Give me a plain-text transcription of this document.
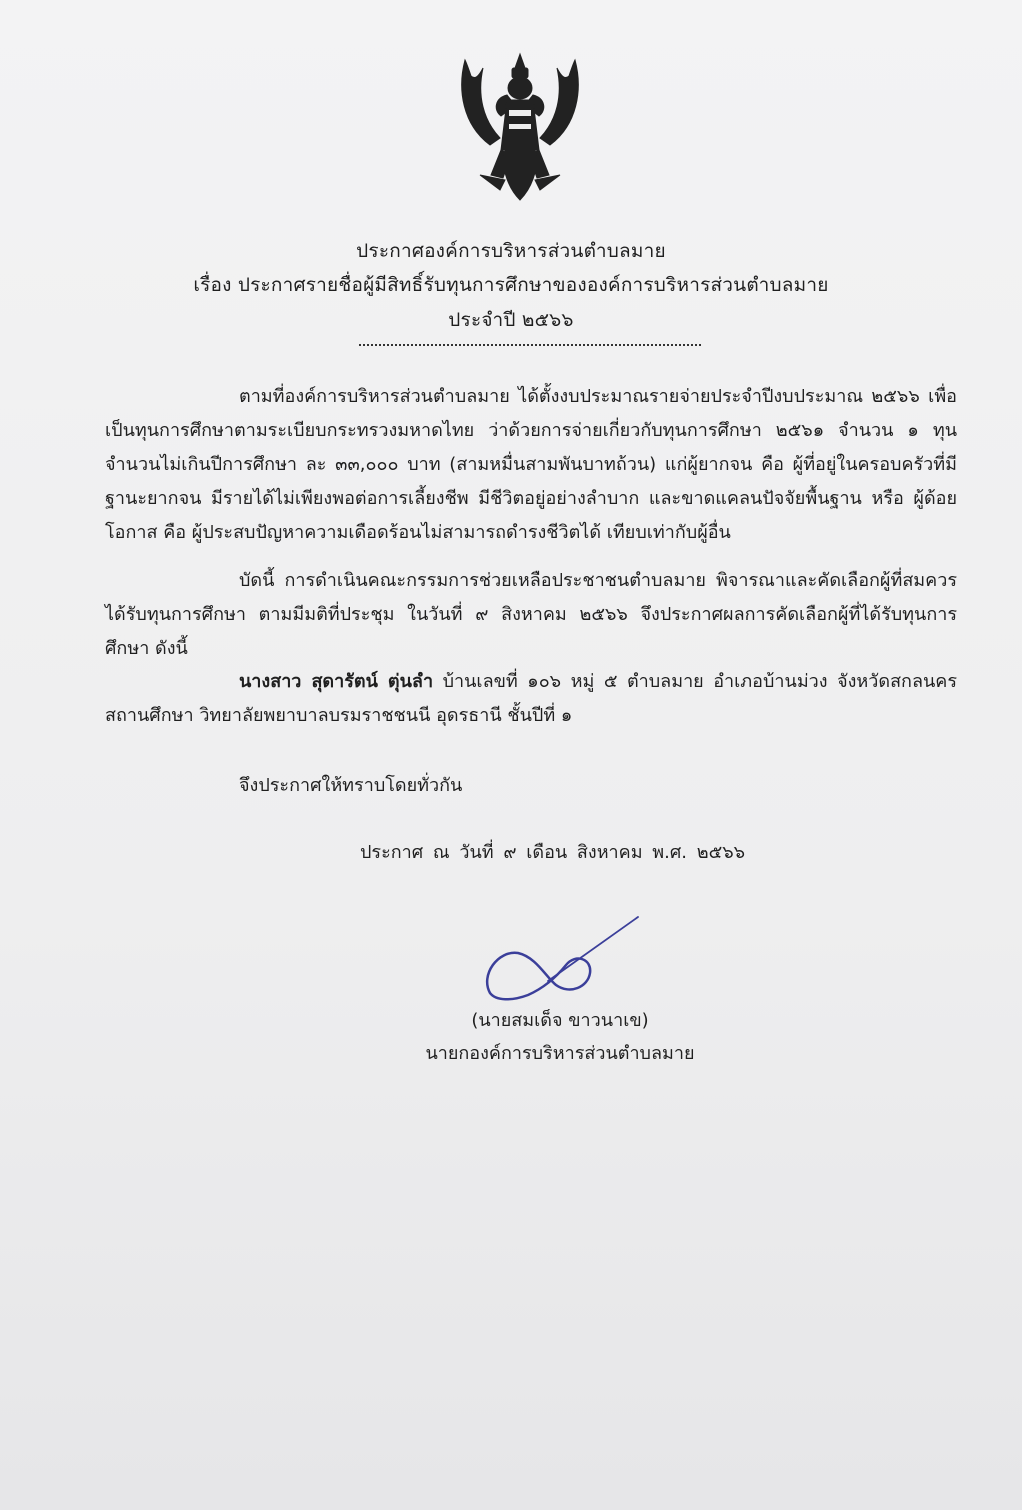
ประกาศองค์การบริหารส่วนตำบลมาย
เรื่อง ประกาศรายชื่อผู้มีสิทธิ์รับทุนการศึกษาขององค์การบริหารส่วนตำบลมาย
ประจำปี ๒๕๖๖

ตามที่องค์การบริหารส่วนตำบลมาย ได้ตั้งงบประมาณรายจ่ายประจำปีงบประมาณ ๒๕๖๖ เพื่อเป็นทุนการศึกษาตามระเบียบกระทรวงมหาดไทย ว่าด้วยการจ่ายเกี่ยวกับทุนการศึกษา ๒๕๖๑ จำนวน ๑ ทุน จำนวนไม่เกินปีการศึกษา ละ ๓๓,๐๐๐ บาท (สามหมื่นสามพันบาทถ้วน) แก่ผู้ยากจน คือ ผู้ที่อยู่ในครอบครัวที่มีฐานะยากจน มีรายได้ไม่เพียงพอต่อการเลี้ยงชีพ มีชีวิตอยู่อย่างลำบาก และขาดแคลนปัจจัยพื้นฐาน หรือ ผู้ด้อยโอกาส คือ ผู้ประสบปัญหาความเดือดร้อนไม่สามารถดำรงชีวิตได้ เทียบเท่ากับผู้อื่น

บัดนี้ การดำเนินคณะกรรมการช่วยเหลือประชาชนตำบลมาย พิจารณาและคัดเลือกผู้ที่สมควรได้รับทุนการศึกษา ตามมีมติที่ประชุม ในวันที่ ๙ สิงหาคม ๒๕๖๖ จึงประกาศผลการคัดเลือกผู้ที่ได้รับทุนการศึกษา ดังนี้

นางสาว สุดารัตน์ ตุ่นลำ บ้านเลขที่ ๑๐๖ หมู่ ๕ ตำบลมาย อำเภอบ้านม่วง จังหวัดสกลนคร สถานศึกษา วิทยาลัยพยาบาลบรมราชชนนี อุดรธานี ชั้นปีที่ ๑

จึงประกาศให้ทราบโดยทั่วกัน
ประกาศ ณ วันที่ ๙ เดือน สิงหาคม พ.ศ. ๒๕๖๖
(นายสมเด็จ ขาวนาเข)
นายกองค์การบริหารส่วนตำบลมาย
